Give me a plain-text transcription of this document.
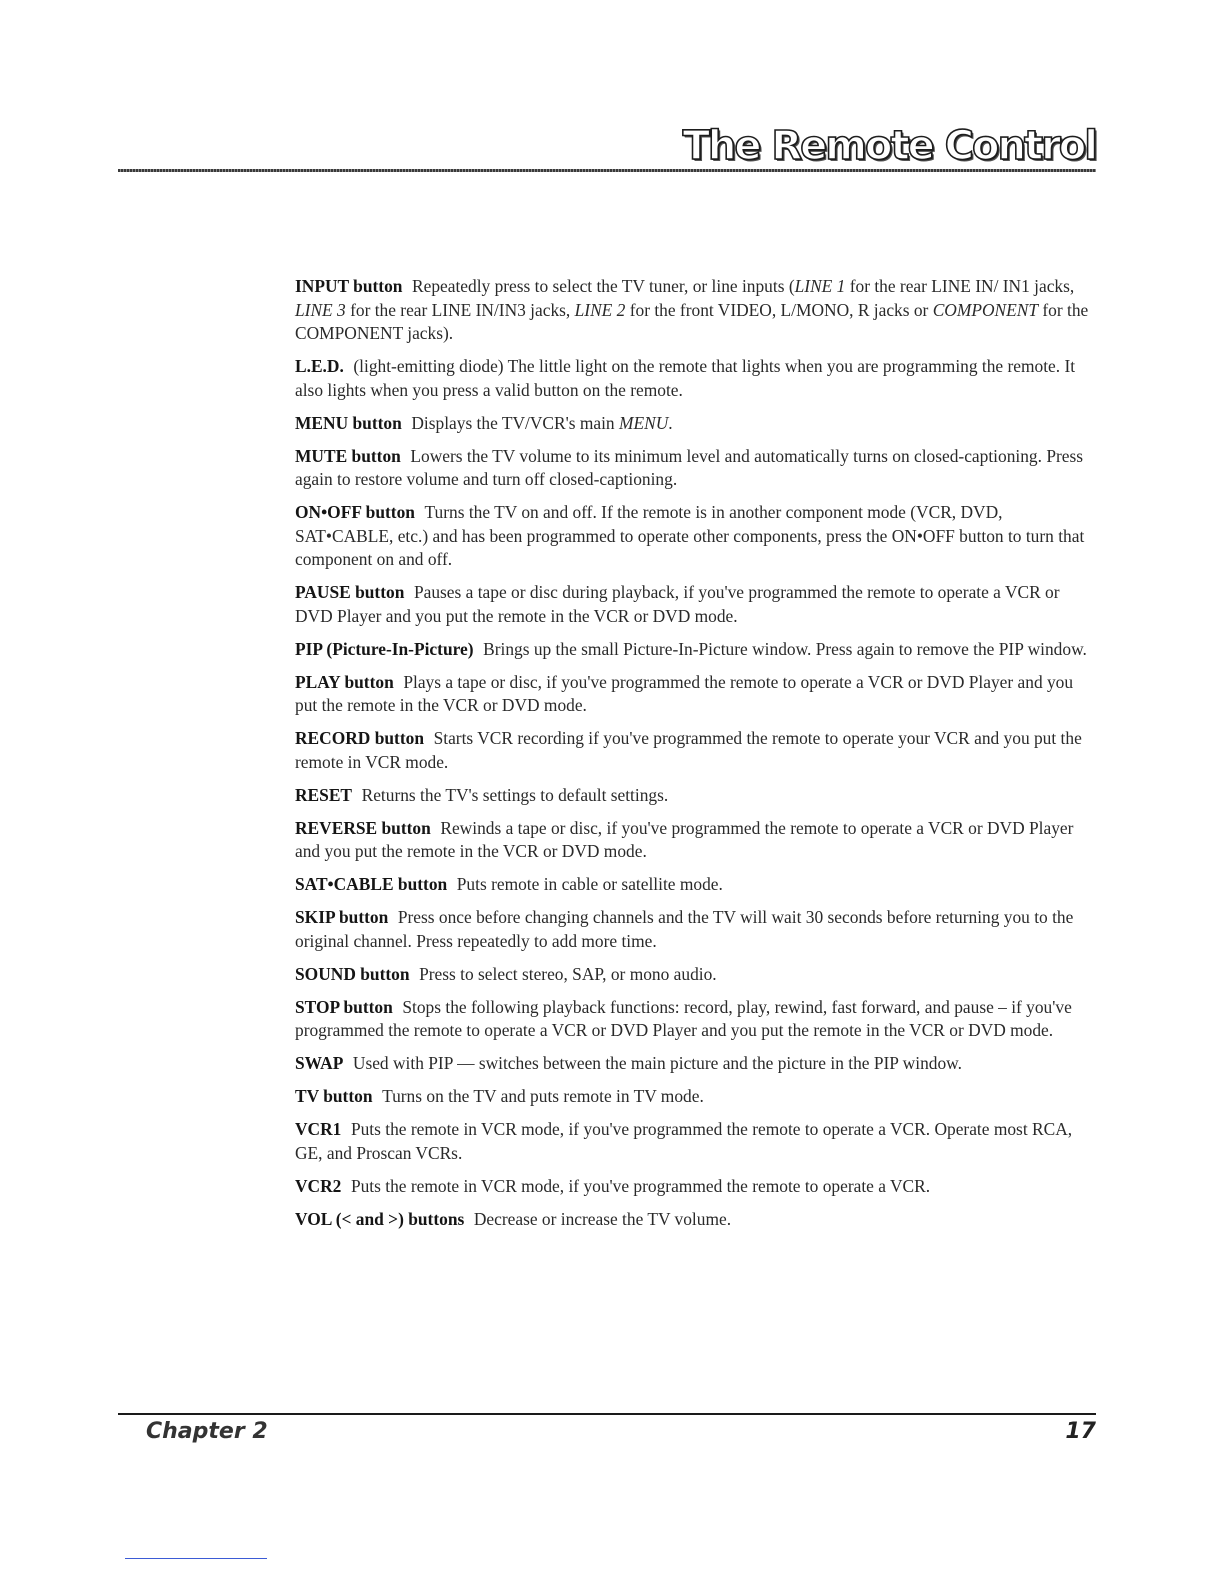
The Remote Control

INPUT button Repeatedly press to select the TV tuner, or line inputs (LINE 1 for the rear LINE IN/ IN1 jacks, LINE 3 for the rear LINE IN/IN3 jacks, LINE 2 for the front VIDEO, L/MONO, R jacks or COMPONENT for the COMPONENT jacks).

L.E.D. (light-emitting diode) The little light on the remote that lights when you are programming the remote. It also lights when you press a valid button on the remote.

MENU button Displays the TV/VCR's main MENU.

MUTE button Lowers the TV volume to its minimum level and automatically turns on closed-captioning. Press again to restore volume and turn off closed-captioning.

ON•OFF button Turns the TV on and off. If the remote is in another component mode (VCR, DVD, SAT•CABLE, etc.) and has been programmed to operate other components, press the ON•OFF button to turn that component on and off.

PAUSE button Pauses a tape or disc during playback, if you've programmed the remote to operate a VCR or DVD Player and you put the remote in the VCR or DVD mode.

PIP (Picture-In-Picture) Brings up the small Picture-In-Picture window. Press again to remove the PIP window.

PLAY button Plays a tape or disc, if you've programmed the remote to operate a VCR or DVD Player and you put the remote in the VCR or DVD mode.

RECORD button Starts VCR recording if you've programmed the remote to operate your VCR and you put the remote in VCR mode.

RESET Returns the TV's settings to default settings.

REVERSE button Rewinds a tape or disc, if you've programmed the remote to operate a VCR or DVD Player and you put the remote in the VCR or DVD mode.

SAT•CABLE button Puts remote in cable or satellite mode.

SKIP button Press once before changing channels and the TV will wait 30 seconds before returning you to the original channel. Press repeatedly to add more time.

SOUND button Press to select stereo, SAP, or mono audio.

STOP button Stops the following playback functions: record, play, rewind, fast forward, and pause – if you've programmed the remote to operate a VCR or DVD Player and you put the remote in the VCR or DVD mode.

SWAP Used with PIP — switches between the main picture and the picture in the PIP window.

TV button Turns on the TV and puts remote in TV mode.

VCR1 Puts the remote in VCR mode, if you've programmed the remote to operate a VCR. Operate most RCA, GE, and Proscan VCRs.

VCR2 Puts the remote in VCR mode, if you've programmed the remote to operate a VCR.

VOL (< and >) buttons Decrease or increase the TV volume.

Chapter 2	17
